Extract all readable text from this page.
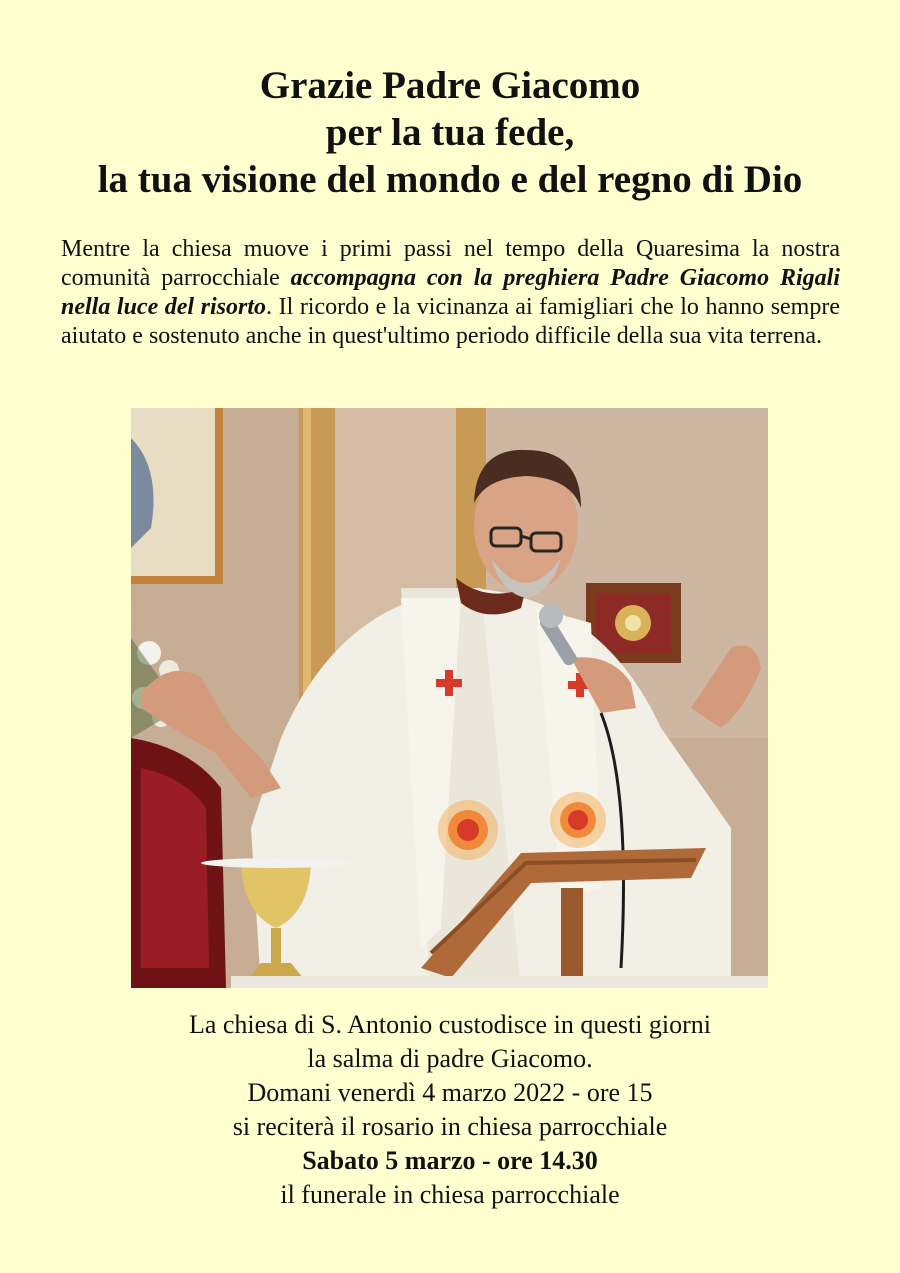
Grazie Padre Giacomo
per la tua fede,
la tua visione del mondo e del regno di Dio
Mentre la chiesa muove i primi passi nel tempo della Quaresima la nostra comunità parrocchiale accompagna con la preghiera Padre Giacomo Rigali nella luce del risorto. Il ricordo e la vicinanza ai famigliari che lo hanno sempre aiutato e sostenuto anche in quest'ultimo periodo difficile della sua vita terrena.
La chiesa di S. Antonio custodisce in questi giorni
la salma di padre Giacomo.
Domani venerdì 4 marzo 2022 - ore 15
si reciterà il rosario in chiesa parrocchiale
Sabato 5 marzo - ore 14.30
il funerale in chiesa parrocchiale
